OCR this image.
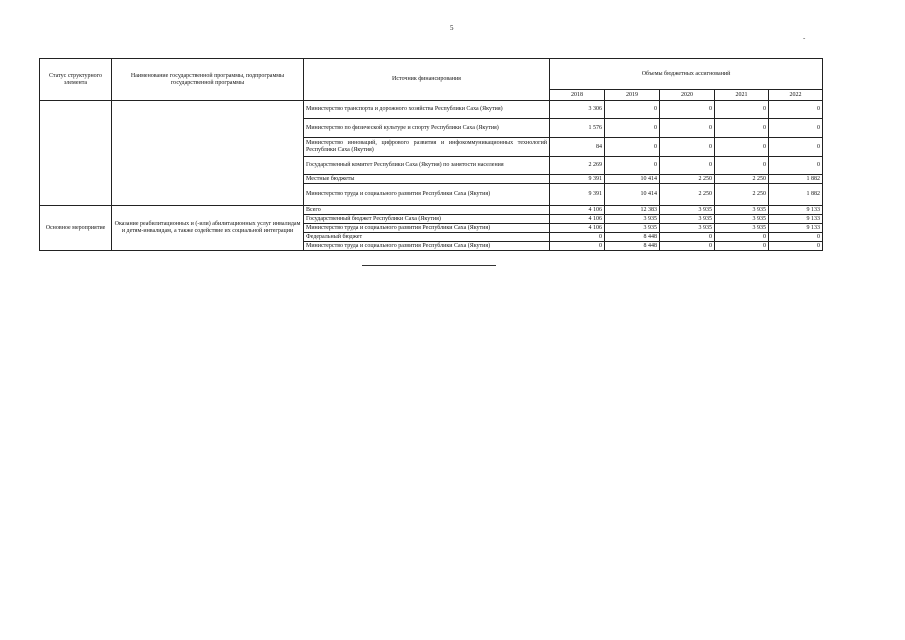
5
-
Статус структурного элемента	Наименование государственной программы, подпрограммы государственной программы	Источник финансирования	Объемы бюджетных ассигнований				
			2018	2019	2020	2021	2022
		Министерство транспорта и дорожного хозяйства Республики Саха (Якутия)	3 306	0	0	0	0
		Министерство по физической культуре и спорту Республики Саха (Якутия)	1 576	0	0	0	0
		Министерство инноваций, цифрового развития и инфокоммуникационных технологий Республики Саха (Якутия)	84	0	0	0	0
		Государственный комитет Республики Саха (Якутия) по занятости населения	2 269	0	0	0	0
		Местные бюджеты	9 391	10 414	2 250	2 250	1 882
		Министерство труда и социального развития Республики Саха (Якутия)	9 391	10 414	2 250	2 250	1 882
Основное мероприятие	Оказание реабилитационных и (-или) абилитационных услуг инвалидам и детям-инвалидам, а также содействие их социальной интеграции	Всего	4 106	12 383	3 935	3 935	9 133
		Государственный бюджет Республики Саха (Якутия)	4 106	3 935	3 935	3 935	9 133
		Министерство труда и социального развития Республики Саха (Якутия)	4 106	3 935	3 935	3 935	9 133
		Федеральный бюджет	0	8 448	0	0	0
		Министерство труда и социального развития Республики Саха (Якутия)	0	8 448	0	0	0
